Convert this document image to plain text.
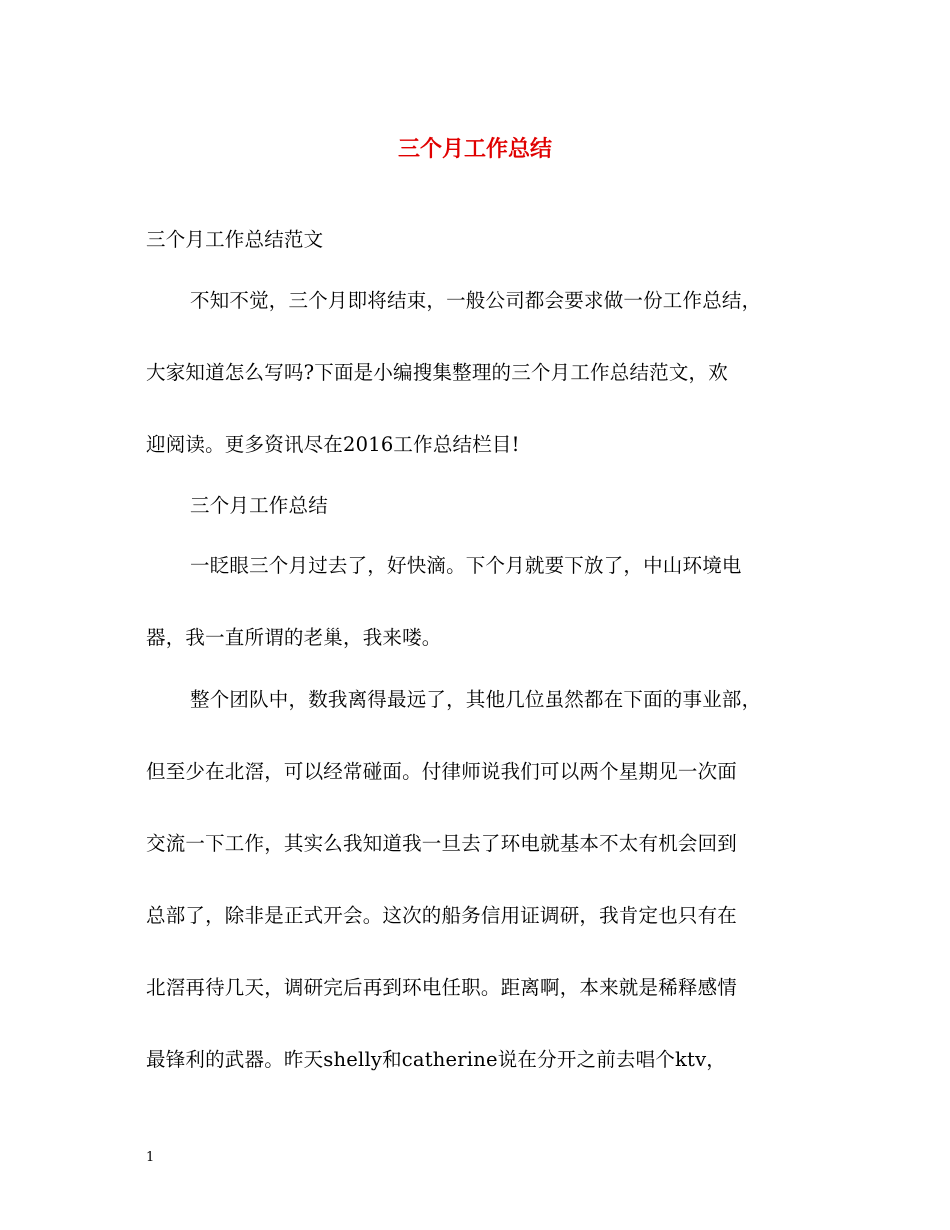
三个月工作总结
三个月工作总结范文
不知不觉，三个月即将结束，一般公司都会要求做一份工作总结，
大家知道怎么写吗?下面是小编搜集整理的三个月工作总结范文，欢
迎阅读。更多资讯尽在2016工作总结栏目!
三个月工作总结
一眨眼三个月过去了，好快滴。下个月就要下放了，中山环境电
器，我一直所谓的老巢，我来喽。
整个团队中，数我离得最远了，其他几位虽然都在下面的事业部，
但至少在北滘，可以经常碰面。付律师说我们可以两个星期见一次面
交流一下工作，其实么我知道我一旦去了环电就基本不太有机会回到
总部了，除非是正式开会。这次的船务信用证调研，我肯定也只有在
北滘再待几天，调研完后再到环电任职。距离啊，本来就是稀释感情
最锋利的武器。昨天shelly和catherine说在分开之前去唱个ktv，
1
